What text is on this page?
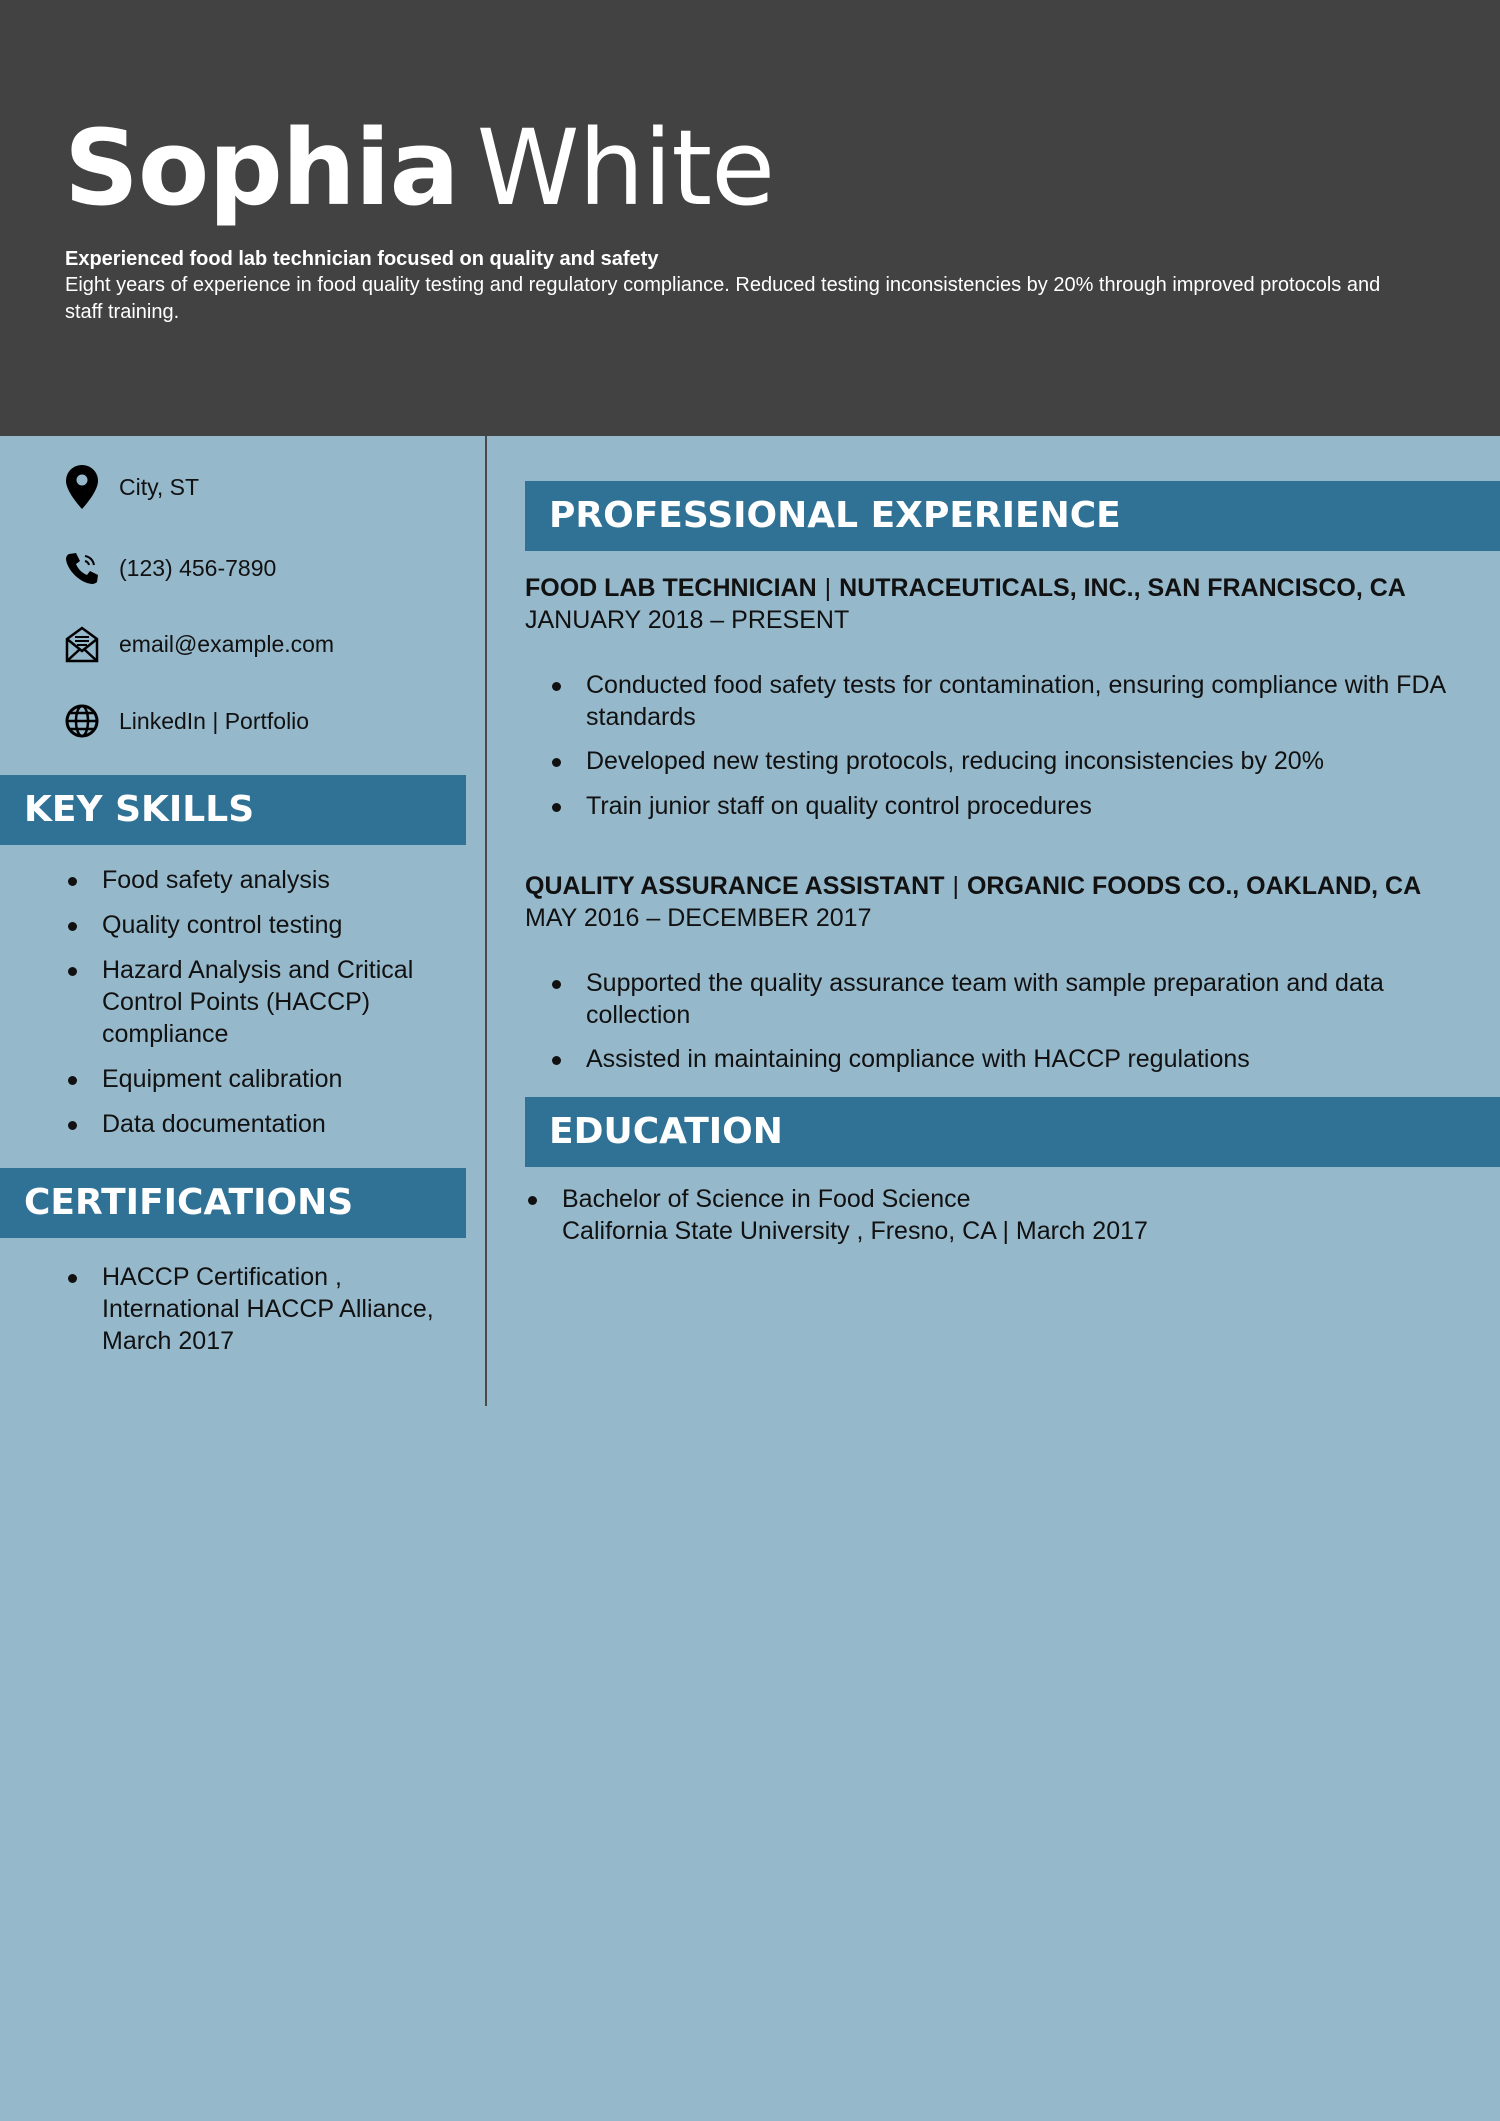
Sophia White
Experienced food lab technician focused on quality and safety
Eight years of experience in food quality testing and regulatory compliance. Reduced testing inconsistencies by 20% through improved protocols and staff training.
City, ST
(123) 456-7890
email@example.com
LinkedIn | Portfolio
KEY SKILLS
Food safety analysis
Quality control testing
Hazard Analysis and Critical Control Points (HACCP) compliance
Equipment calibration
Data documentation
CERTIFICATIONS
HACCP Certification , International HACCP Alliance, March 2017
PROFESSIONAL EXPERIENCE
FOOD LAB TECHNICIAN | NUTRACEUTICALS, INC., SAN FRANCISCO, CA
JANUARY 2018 – PRESENT
Conducted food safety tests for contamination, ensuring compliance with FDA standards
Developed new testing protocols, reducing inconsistencies by 20%
Train junior staff on quality control procedures
QUALITY ASSURANCE ASSISTANT | ORGANIC FOODS CO., OAKLAND, CA
MAY 2016 – DECEMBER 2017
Supported the quality assurance team with sample preparation and data collection
Assisted in maintaining compliance with HACCP regulations
EDUCATION
Bachelor of Science in Food Science
California State University , Fresno, CA | March 2017
